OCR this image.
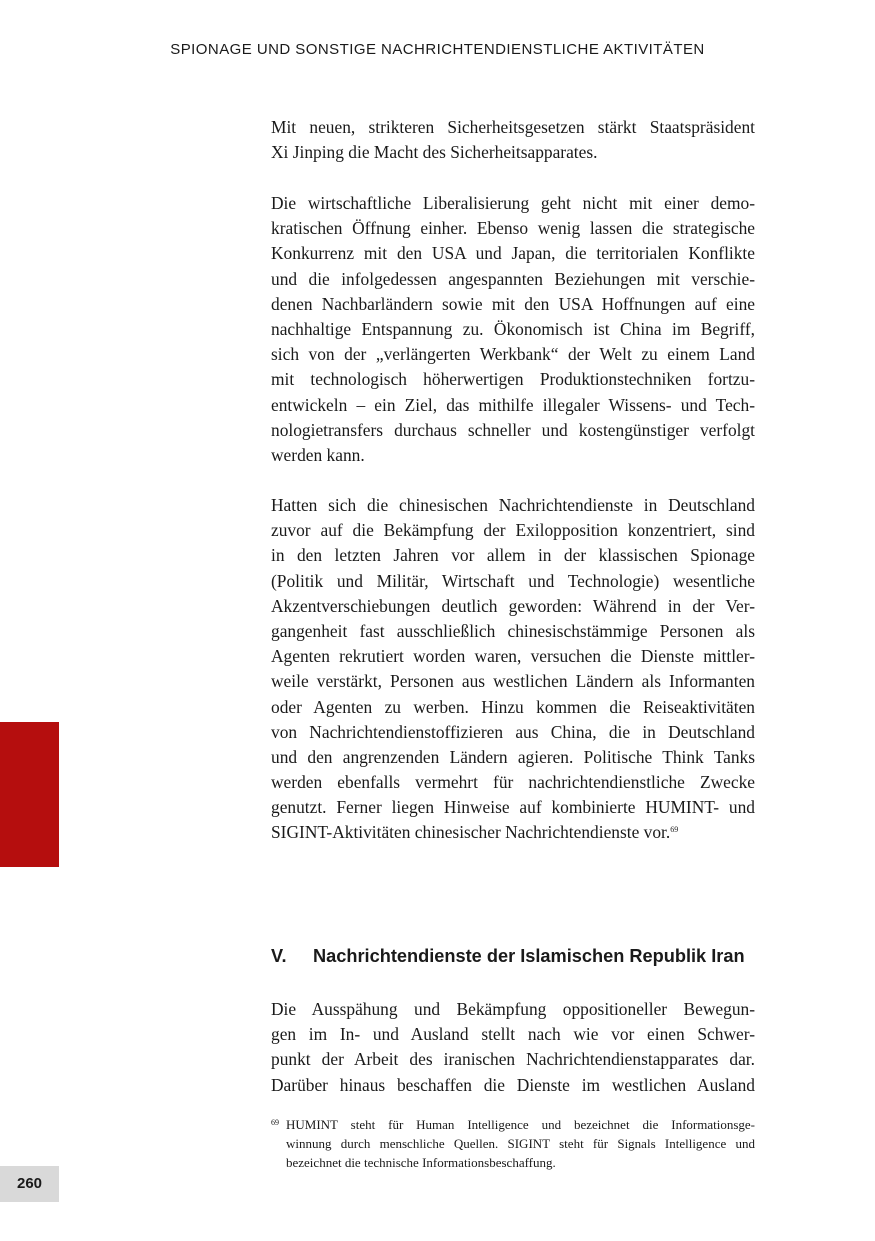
SPIONAGE UND SONSTIGE NACHRICHTENDIENSTLICHE AKTIVITÄTEN
Mit neuen, strikteren Sicherheitsgesetzen stärkt Staatspräsident
Xi Jinping die Macht des Sicherheitsapparates.
Die wirtschaftliche Liberalisierung geht nicht mit einer demo-
kratischen Öffnung einher. Ebenso wenig lassen die strategische
Konkurrenz mit den USA und Japan, die territorialen Konflikte
und die infolgedessen angespannten Beziehungen mit verschie-
denen Nachbarländern sowie mit den USA Hoffnungen auf eine
nachhaltige Entspannung zu. Ökonomisch ist China im Begriff,
sich von der „verlängerten Werkbank“ der Welt zu einem Land
mit technologisch höherwertigen Produktionstechniken fortzu-
entwickeln – ein Ziel, das mithilfe illegaler Wissens- und Tech-
nologietransfers durchaus schneller und kostengünstiger verfolgt
werden kann.
Hatten sich die chinesischen Nachrichtendienste in Deutschland
zuvor auf die Bekämpfung der Exilopposition konzentriert, sind
in den letzten Jahren vor allem in der klassischen Spionage
(Politik und Militär, Wirtschaft und Technologie) wesentliche
Akzentverschiebungen deutlich geworden: Während in der Ver-
gangenheit fast ausschließlich chinesischstämmige Personen als
Agenten rekrutiert worden waren, versuchen die Dienste mittler-
weile verstärkt, Personen aus westlichen Ländern als Informanten
oder Agenten zu werben. Hinzu kommen die Reiseaktivitäten
von Nachrichtendienstoffizieren aus China, die in Deutschland
und den angrenzenden Ländern agieren. Politische Think Tanks
werden ebenfalls vermehrt für nachrichtendienstliche Zwecke
genutzt. Ferner liegen Hinweise auf kombinierte HUMINT- und
SIGINT-Aktivitäten chinesischer Nachrichtendienste vor.$^{69}$
V. Nachrichtendienste der Islamischen Republik Iran
Die Ausspähung und Bekämpfung oppositioneller Bewegun-
gen im In- und Ausland stellt nach wie vor einen Schwer-
punkt der Arbeit des iranischen Nachrichtendienstapparates dar.
Darüber hinaus beschaffen die Dienste im westlichen Ausland
69 HUMINT steht für Human Intelligence und bezeichnet die Informationsge-
winnung durch menschliche Quellen. SIGINT steht für Signals Intelligence und
bezeichnet die technische Informationsbeschaffung.
260
